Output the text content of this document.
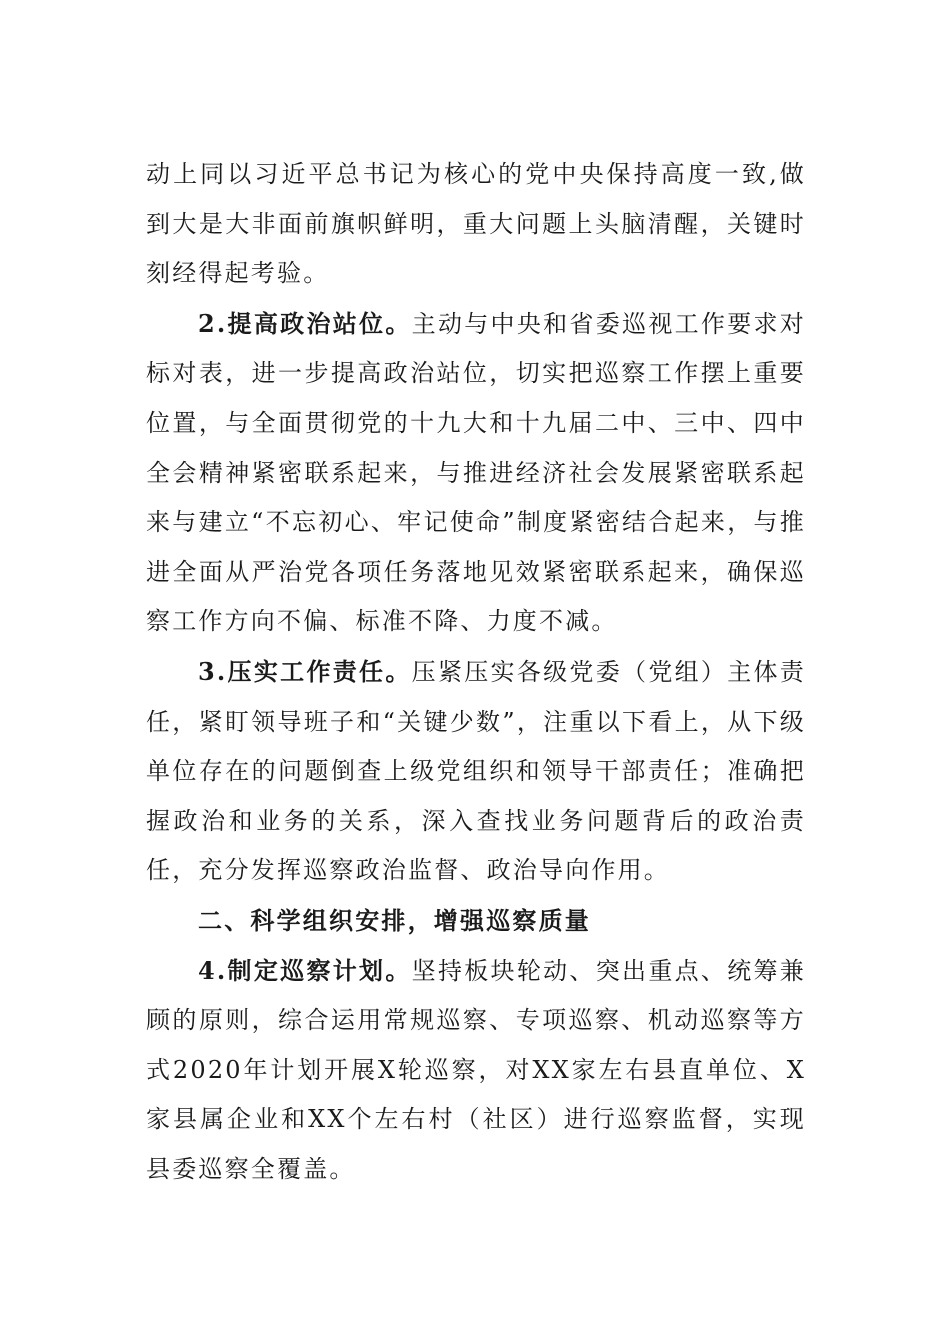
动上同以习近平总书记为核心的党中央保持高度一致,做到大是大非面前旗帜鲜明，重大问题上头脑清醒，关键时刻经得起考验。

2.提高政治站位。主动与中央和省委巡视工作要求对标对表，进一步提高政治站位，切实把巡察工作摆上重要位置，与全面贯彻党的十九大和十九届二中、三中、四中全会精神紧密联系起来，与推进经济社会发展紧密联系起来与建立“不忘初心、牢记使命”制度紧密结合起来，与推进全面从严治党各项任务落地见效紧密联系起来，确保巡察工作方向不偏、标准不降、力度不减。

3.压实工作责任。压紧压实各级党委（党组）主体责任，紧盯领导班子和“关键少数”，注重以下看上，从下级单位存在的问题倒查上级党组织和领导干部责任；准确把握政治和业务的关系，深入查找业务问题背后的政治责任，充分发挥巡察政治监督、政治导向作用。

二、科学组织安排，增强巡察质量

4.制定巡察计划。坚持板块轮动、突出重点、统筹兼顾的原则，综合运用常规巡察、专项巡察、机动巡察等方式2020年计划开展X轮巡察，对XX家左右县直单位、X家县属企业和XX个左右村（社区）进行巡察监督，实现县委巡察全覆盖。
